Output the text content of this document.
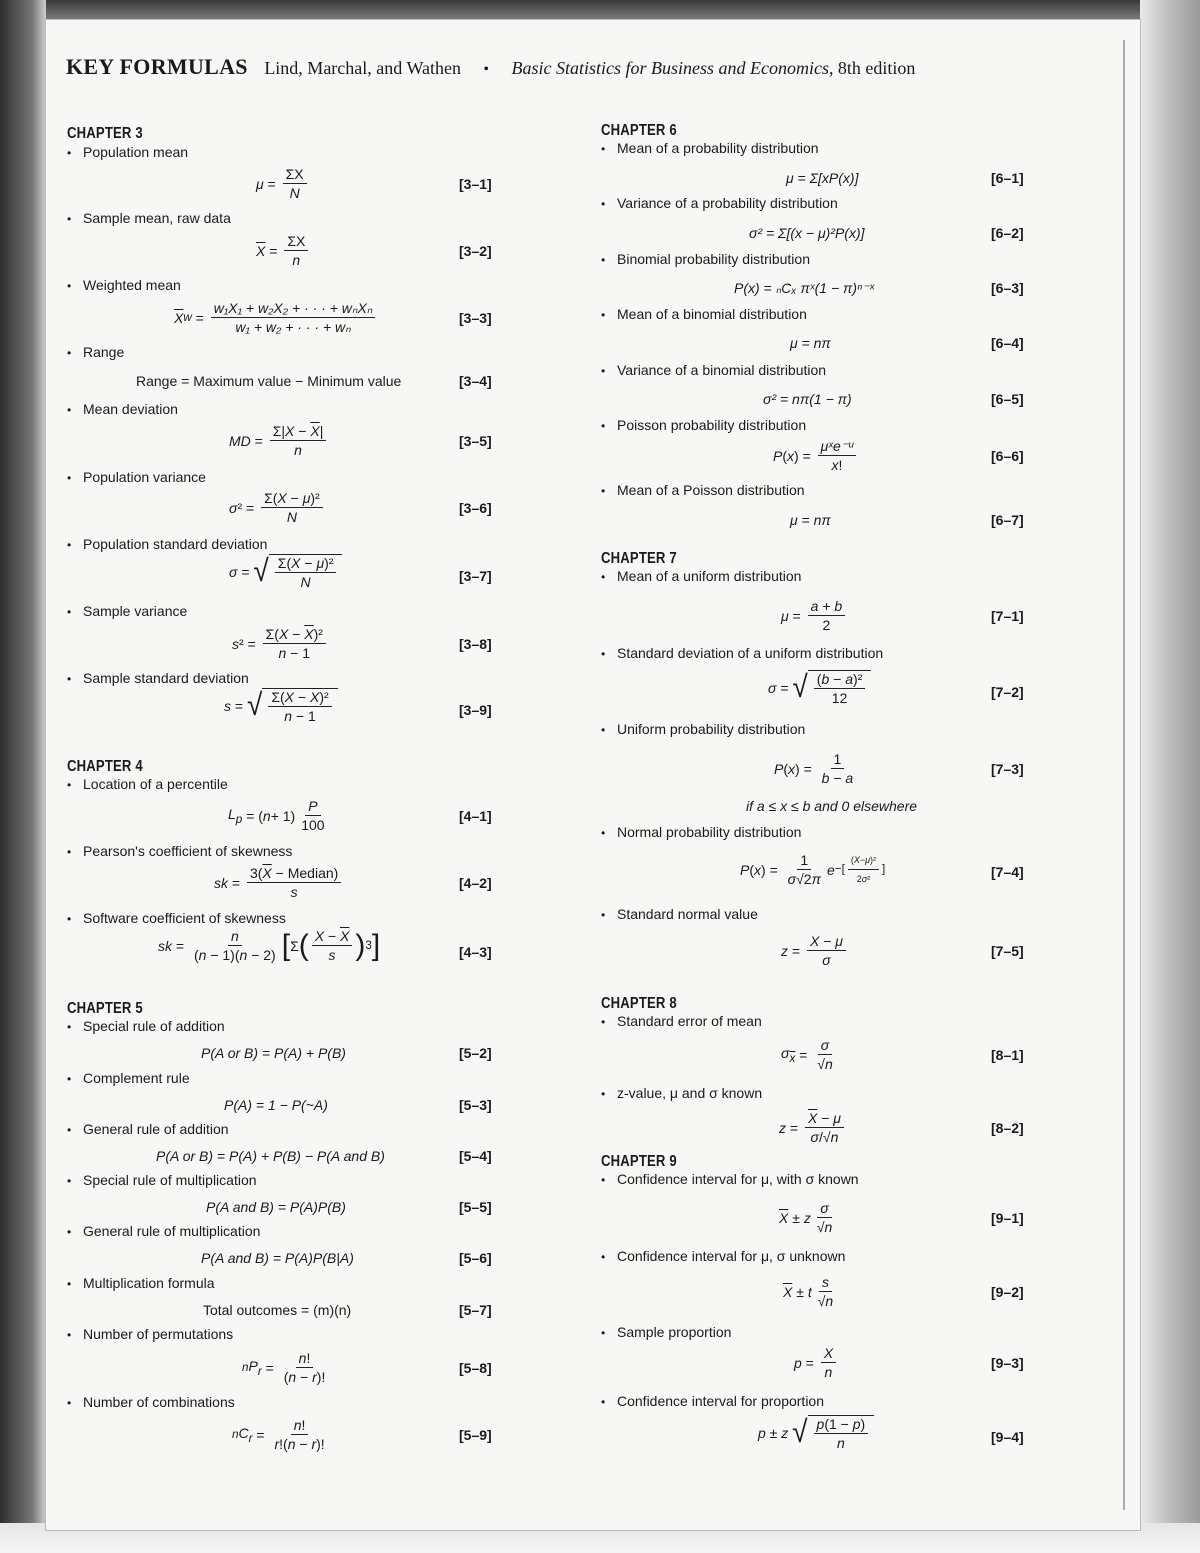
KEY FORMULAS Lind, Marchal, and Wathen • Basic Statistics for Business and Economics, 8th edition
CHAPTER 3
• Population mean
$\mu = \frac{\Sigma X}{N}$	[3–1]
• Sample mean, raw data
$\overline{X} = \frac{\Sigma X}{n}$	[3–2]
• Weighted mean
$\overline{X}$ $w = \frac{\text{w₁X₁ + w₂X₂ + · · · + wₙXₙ}}{\text{w₁ + w₂ + · · · + wₙ}}$	[3–3]
• Range
Range = Maximum value − Minimum value	[3–4]
• Mean deviation
MD = $\frac{\Sigma|X - \overline{X}|}{n}$	[3–5]
• Population variance
σ $^2 = \frac{\text{Σ(X − μ)²}}{N}$	[3–6]
• Population standard deviation
σ = √ $\frac{\text{Σ(X − μ)²}}{N}$	[3–7]
• Sample variance
s $^2 = \frac{\Sigma(X - \overline{X})^2}{n - 1}$	[3–8]
• Sample standard deviation
s = √ $\frac{\Sigma(X - \overline{X})^2}{n - 1}$	[3–9]
CHAPTER 4
• Location of a percentile
$L_p$ = ( $n + 1) \frac{P}{100}$	[4–1]
• Pearson's coefficient of skewness
sk = $\frac{3(\overline{X} - Median)}{s}$	[4–2]
• Software coefficient of skewness
sk = $\frac{n}{(n - 1)(n - 2)}$ [ Σ ( $\frac{X - \overline{X}}{s}$ ) 3 ]	[4–3]
CHAPTER 5
• Special rule of addition
P(A or B) = P(A) + P(B)	[5–2]
• Complement rule
P(A) = 1 − P(~A)	[5–3]
• General rule of addition
P(A or B) = P(A) + P(B) − P(A and B)	[5–4]
• Special rule of multiplication
P(A and B) = P(A)P(B)	[5–5]
• General rule of multiplication
P(A and B) = P(A)P(B|A)	[5–6]
• Multiplication formula
Total outcomes = (m)(n)	[5–7]
• Number of permutations
n $P_r = \frac{n!}{(n - r)!}$	[5–8]
• Number of combinations
n $C_r = \frac{n!}{r!(n - r)!}$	[5–9]
CHAPTER 6
• Mean of a probability distribution
μ = Σ[xP(x)]	[6–1]
• Variance of a probability distribution
σ² = Σ[(x − μ)²P(x)]	[6–2]
• Binomial probability distribution
P(x) = ₙCₓ πˣ(1 − π)ⁿ⁻ˣ	[6–3]
• Mean of a binomial distribution
μ = nπ	[6–4]
• Variance of a binomial distribution
σ² = nπ(1 − π)	[6–5]
• Poisson probability distribution
P ( x ) = $\frac{\text{μˣe⁻ᵘ}}{x!}$	[6–6]
• Mean of a Poisson distribution
μ = nπ	[6–7]
CHAPTER 7
• Mean of a uniform distribution
$\mu = \frac{a + b}{2}$	[7–1]
• Standard deviation of a uniform distribution
σ = √ $\frac{\text{(b − a)²}}{12}$	[7–2]
• Uniform probability distribution
P ( x ) = $\frac{1}{b - a}$	[7–3]
if a ≤ x ≤ b and 0 elsewhere
• Normal probability distribution
P ( x ) = $\frac{1}{\sigma√2\pi}$ e −[ $\frac{\text{(X−μ)²}}{\text{2σ²}}$ ]	[7–4]
• Standard normal value
$z = \frac{X - \mu}{\sigma}$	[7–5]
CHAPTER 8
• Standard error of mean
$\sigma_{\overline{x}} = \frac{\sigma}{√n}$	[8–1]
• z-value, μ and σ known
$z = \frac{\overline{X} - \mu}{\sigma/√n}$	[8–2]
CHAPTER 9
• Confidence interval for μ, with σ known
$\overline{X} \pm z \frac{\sigma}{√n}$	[9–1]
• Confidence interval for μ, σ unknown
$\overline{X} \pm t \frac{s}{√n}$	[9–2]
• Sample proportion
$p = \frac{X}{n}$	[9–3]
• Confidence interval for proportion
p ± z
√ $\frac{p(1 - p)}{n}$	[9–4]
